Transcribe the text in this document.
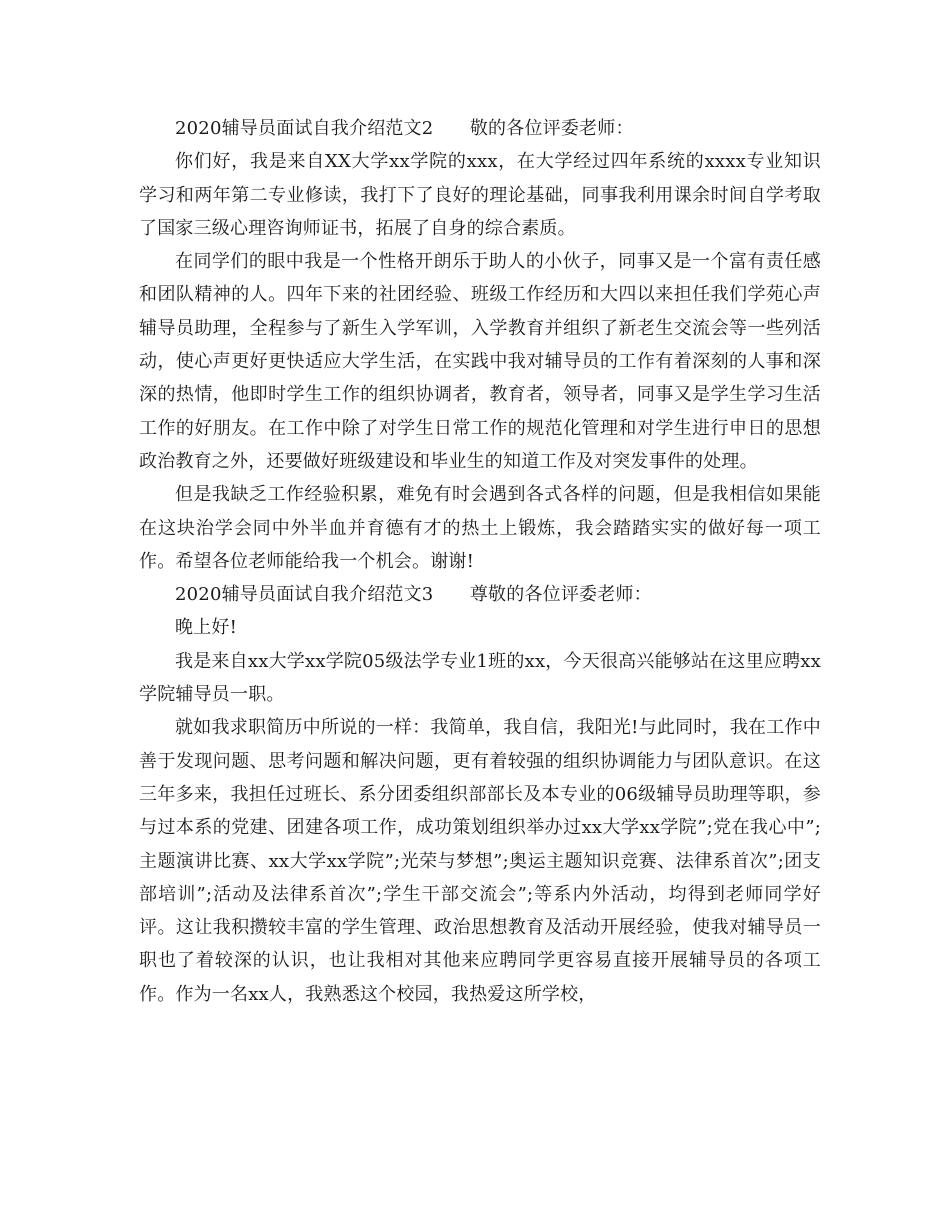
2020辅导员面试自我介绍范文2　　敬的各位评委老师：

你们好，我是来自XX大学xx学院的xxx，在大学经过四年系统的xxxx专业知识学习和两年第二专业修读，我打下了良好的理论基础，同事我利用课余时间自学考取了国家三级心理咨询师证书，拓展了自身的综合素质。

在同学们的眼中我是一个性格开朗乐于助人的小伙子，同事又是一个富有责任感和团队精神的人。四年下来的社团经验、班级工作经历和大四以来担任我们学苑心声辅导员助理，全程参与了新生入学军训，入学教育并组织了新老生交流会等一些列活动，使心声更好更快适应大学生活，在实践中我对辅导员的工作有着深刻的人事和深深的热情，他即时学生工作的组织协调者，教育者，领导者，同事又是学生学习生活工作的好朋友。在工作中除了对学生日常工作的规范化管理和对学生进行申日的思想政治教育之外，还要做好班级建设和毕业生的知道工作及对突发事件的处理。

但是我缺乏工作经验积累，难免有时会遇到各式各样的问题，但是我相信如果能在这块治学会同中外半血并育德有才的热土上锻炼，我会踏踏实实的做好每一项工作。希望各位老师能给我一个机会。谢谢!

2020辅导员面试自我介绍范文3　　尊敬的各位评委老师：

晚上好!

我是来自xx大学xx学院05级法学专业1班的xx，今天很高兴能够站在这里应聘xx学院辅导员一职。

就如我求职简历中所说的一样：我简单，我自信，我阳光!与此同时，我在工作中善于发现问题、思考问题和解决问题，更有着较强的组织协调能力与团队意识。在这三年多来，我担任过班长、系分团委组织部部长及本专业的06级辅导员助理等职，参与过本系的党建、团建各项工作，成功策划组织举办过xx大学xx学院”;党在我心中”;主题演讲比赛、xx大学xx学院”;光荣与梦想”;奥运主题知识竞赛、法律系首次”;团支部培训”;活动及法律系首次”;学生干部交流会”;等系内外活动，均得到老师同学好评。这让我积攒较丰富的学生管理、政治思想教育及活动开展经验，使我对辅导员一职也了着较深的认识，也让我相对其他来应聘同学更容易直接开展辅导员的各项工作。作为一名xx人，我熟悉这个校园，我热爱这所学校，
